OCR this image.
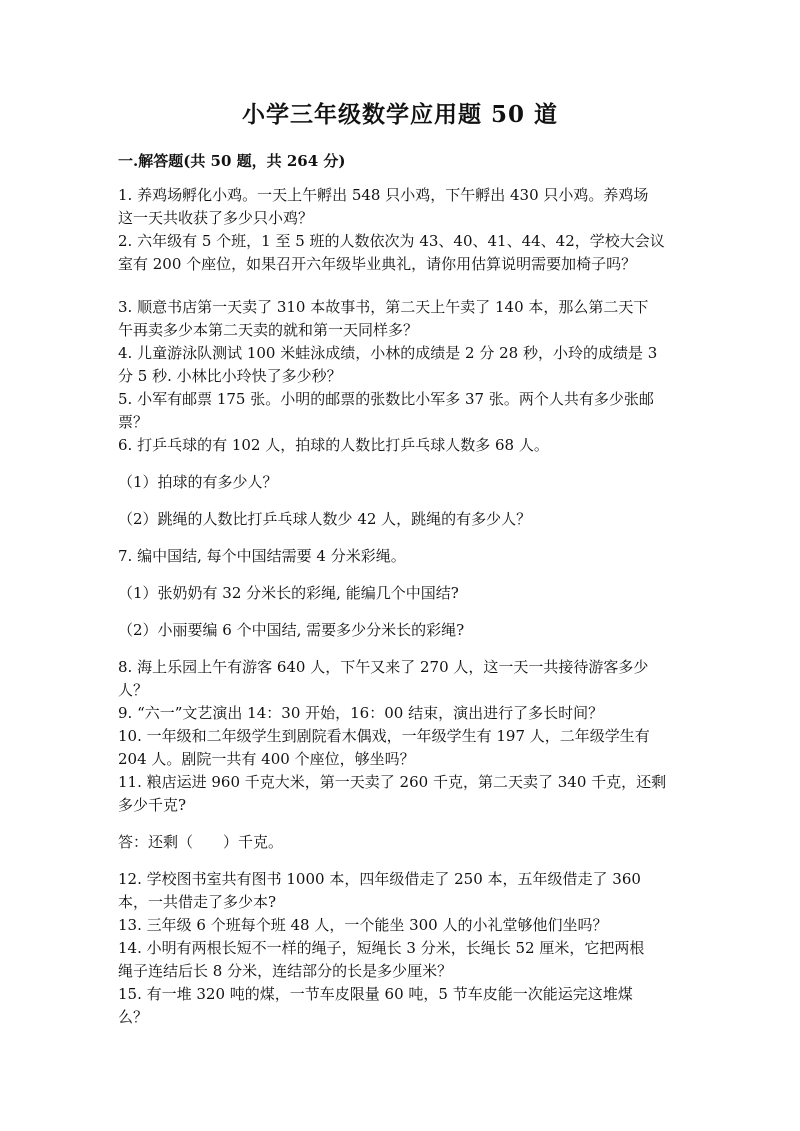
小学三年级数学应用题 50 道
一.解答题(共 50 题，共 264 分)
1. 养鸡场孵化小鸡。一天上午孵出 548 只小鸡，下午孵出 430 只小鸡。养鸡场
这一天共收获了多少只小鸡？
2. 六年级有 5 个班，1 至 5 班的人数依次为 43、40、41、44、42，学校大会议
室有 200 个座位，如果召开六年级毕业典礼，请你用估算说明需要加椅子吗？
3. 顺意书店第一天卖了 310 本故事书，第二天上午卖了 140 本，那么第二天下
午再卖多少本第二天卖的就和第一天同样多？
4. 儿童游泳队测试 100 米蛙泳成绩，小林的成绩是 2 分 28 秒，小玲的成绩是 3
分 5 秒. 小林比小玲快了多少秒？
5. 小军有邮票 175 张。小明的邮票的张数比小军多 37 张。两个人共有多少张邮
票？
6. 打乒乓球的有 102 人，拍球的人数比打乒乓球人数多 68 人。
（1）拍球的有多少人？
（2）跳绳的人数比打乒乓球人数少 42 人，跳绳的有多少人？
7. 编中国结, 每个中国结需要 4 分米彩绳。
（1）张奶奶有 32 分米长的彩绳, 能编几个中国结?
（2）小丽要编 6 个中国结, 需要多少分米长的彩绳?
8. 海上乐园上午有游客 640 人，下午又来了 270 人，这一天一共接待游客多少
人？
9. “六一”文艺演出 14：30 开始，16：00 结束，演出进行了多长时间？
10. 一年级和二年级学生到剧院看木偶戏，一年级学生有 197 人，二年级学生有
204 人。剧院一共有 400 个座位，够坐吗？
11. 粮店运进 960 千克大米，第一天卖了 260 千克，第二天卖了 340 千克，还剩
多少千克?
答：还剩（　　）千克。
12. 学校图书室共有图书 1000 本，四年级借走了 250 本，五年级借走了 360
本，一共借走了多少本?
13. 三年级 6 个班每个班 48 人，一个能坐 300 人的小礼堂够他们坐吗？
14. 小明有两根长短不一样的绳子，短绳长 3 分米，长绳长 52 厘米，它把两根
绳子连结后长 8 分米，连结部分的长是多少厘米？
15. 有一堆 320 吨的煤，一节车皮限量 60 吨，5 节车皮能一次能运完这堆煤
么？
